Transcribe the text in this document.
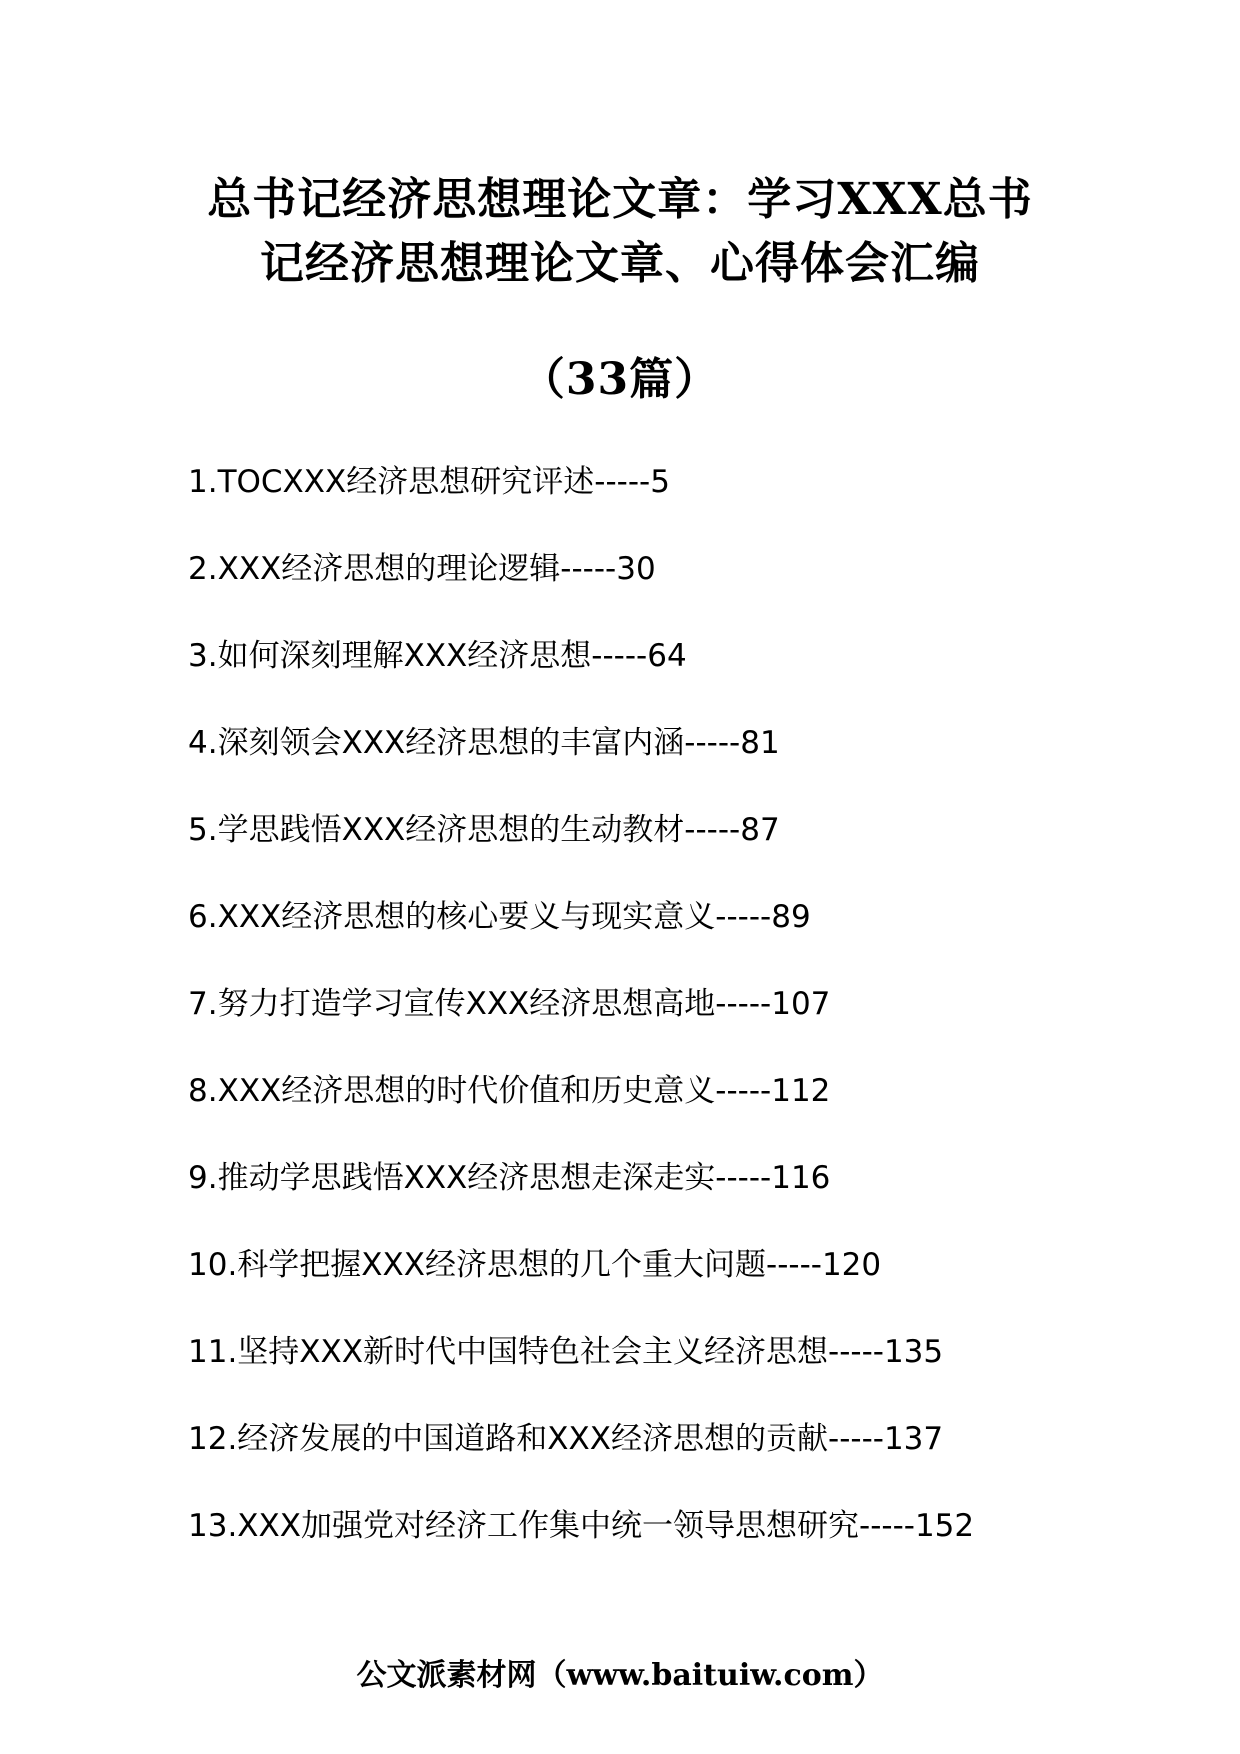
总书记经济思想理论文章：学习XXX总书
记经济思想理论文章、心得体会汇编
（33篇）
1.TOCXXX经济思想研究评述-----5
2.XXX经济思想的理论逻辑-----30
3.如何深刻理解XXX经济思想-----64
4.深刻领会XXX经济思想的丰富内涵-----81
5.学思践悟XXX经济思想的生动教材-----87
6.XXX经济思想的核心要义与现实意义-----89
7.努力打造学习宣传XXX经济思想高地-----107
8.XXX经济思想的时代价值和历史意义-----112
9.推动学思践悟XXX经济思想走深走实-----116
10.科学把握XXX经济思想的几个重大问题-----120
11.坚持XXX新时代中国特色社会主义经济思想-----135
12.经济发展的中国道路和XXX经济思想的贡献-----137
13.XXX加强党对经济工作集中统一领导思想研究-----152
公文派素材网（www.baituiw.com）
